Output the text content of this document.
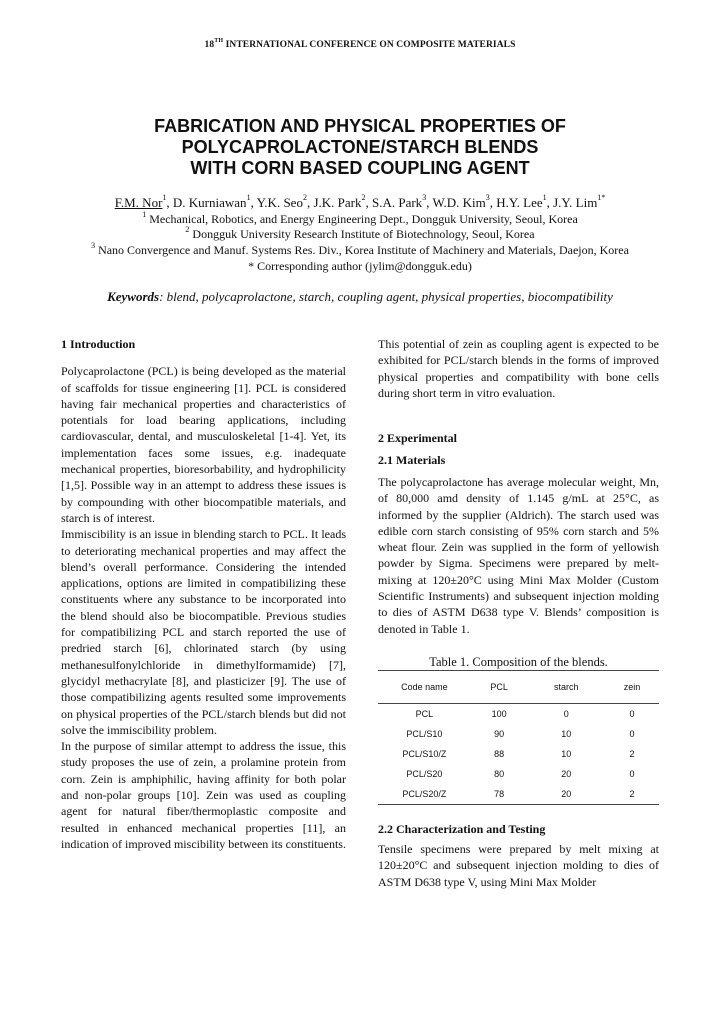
18TH INTERNATIONAL CONFERENCE ON COMPOSITE MATERIALS
FABRICATION AND PHYSICAL PROPERTIES OF
POLYCAPROLACTONE/STARCH BLENDS
WITH CORN BASED COUPLING AGENT
F.M. Nor$^1$, D. Kurniawan$^1$, Y.K. Seo$^2$, J.K. Park$^2$, S.A. Park$^3$, W.D. Kim$^3$, H.Y. Lee$^1$, J.Y. Lim$^{1*}$
$^1$ Mechanical, Robotics, and Energy Engineering Dept., Dongguk University, Seoul, Korea
$^2$ Dongguk University Research Institute of Biotechnology, Seoul, Korea
$^3$ Nano Convergence and Manuf. Systems Res. Div., Korea Institute of Machinery and Materials, Daejon, Korea
* Corresponding author (jylim@dongguk.edu)
Keywords: blend, polycaprolactone, starch, coupling agent, physical properties, biocompatibility

1 Introduction

Polycaprolactone (PCL) is being developed as the material of scaffolds for tissue engineering [1]. PCL is considered having fair mechanical properties and characteristics of potentials for load bearing applications, including cardiovascular, dental, and musculoskeletal [1-4]. Yet, its implementation faces some issues, e.g. inadequate mechanical properties, bioresorbability, and hydrophilicity [1,5]. Possible way in an attempt to address these issues is by compounding with other biocompatible materials, and starch is of interest.

Immiscibility is an issue in blending starch to PCL. It leads to deteriorating mechanical properties and may affect the blend’s overall performance. Considering the intended applications, options are limited in compatibilizing these constituents where any substance to be incorporated into the blend should also be biocompatible. Previous studies for compatibilizing PCL and starch reported the use of predried starch [6], chlorinated starch (by using methanesulfonylchloride in dimethylformamide) [7], glycidyl methacrylate [8], and plasticizer [9]. The use of those compatibilizing agents resulted some improvements on physical properties of the PCL/starch blends but did not solve the immiscibility problem.

In the purpose of similar attempt to address the issue, this study proposes the use of zein, a prolamine protein from corn. Zein is amphiphilic, having affinity for both polar and non-polar groups [10]. Zein was used as coupling agent for natural fiber/thermoplastic composite and resulted in enhanced mechanical properties [11], an indication of improved miscibility between its constituents.

This potential of zein as coupling agent is expected to be exhibited for PCL/starch blends in the forms of improved physical properties and compatibility with bone cells during short term in vitro evaluation.

2 Experimental
2.1 Materials

The polycaprolactone has average molecular weight, Mn, of 80,000 amd density of 1.145 g/mL at 25°C, as informed by the supplier (Aldrich). The starch used was edible corn starch consisting of 95% corn starch and 5% wheat flour. Zein was supplied in the form of yellowish powder by Sigma. Specimens were prepared by melt-mixing at 120±20°C using Mini Max Molder (Custom Scientific Instruments) and subsequent injection molding to dies of ASTM D638 type V. Blends’ composition is denoted in Table 1.

Table 1. Composition of the blends.
Code name	PCL	starch	zein
PCL	100	0	0
PCL/S10	90	10	0
PCL/S10/Z	88	10	2
PCL/S20	80	20	0
PCL/S20/Z	78	20	2
2.2 Characterization and Testing

Tensile specimens were prepared by melt mixing at 120±20°C and subsequent injection molding to dies of ASTM D638 type V, using Mini Max Molder
